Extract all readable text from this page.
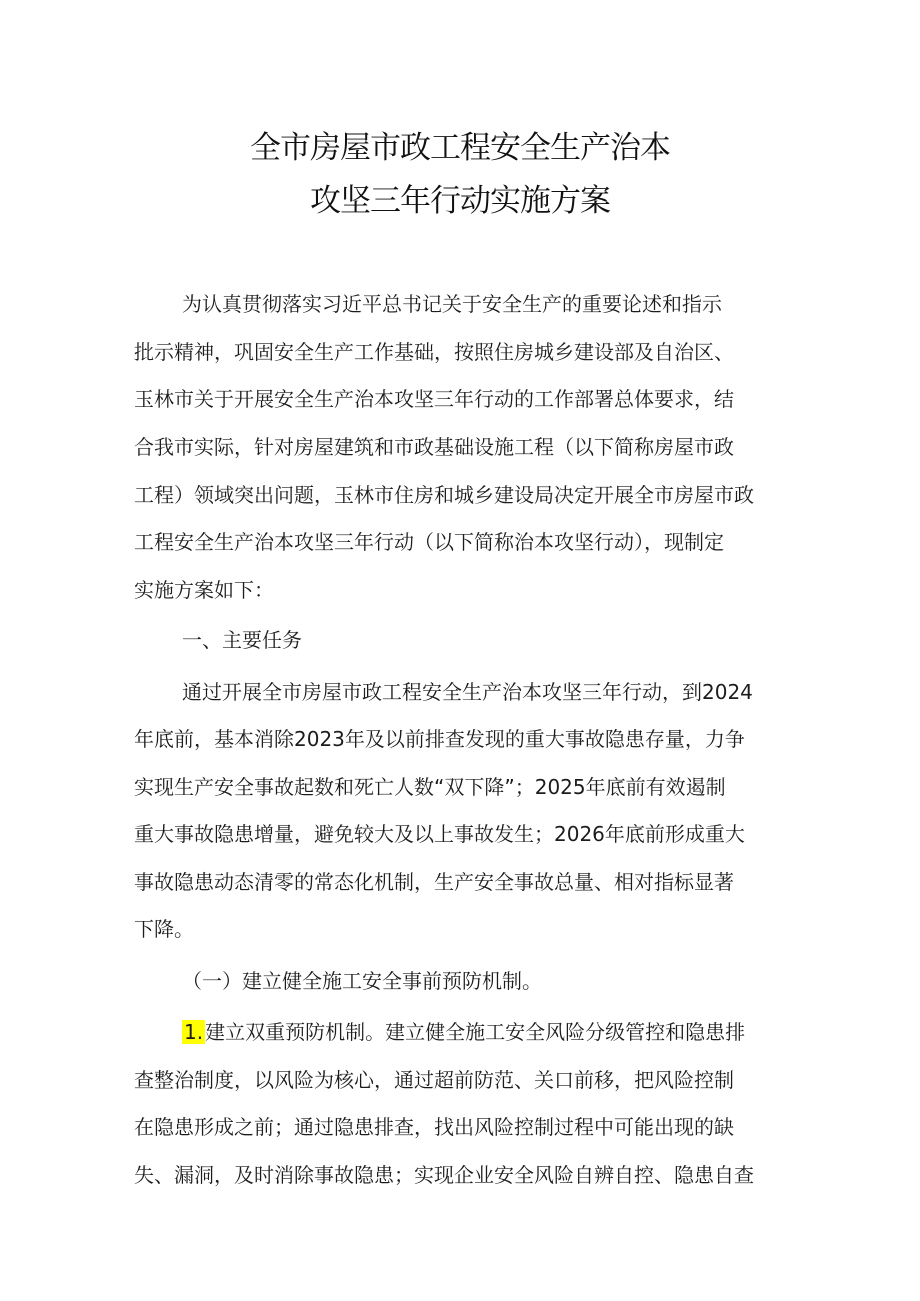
全市房屋市政工程安全生产治本
攻坚三年行动实施方案
为认真贯彻落实习近平总书记关于安全生产的重要论述和指示
批示精神，巩固安全生产工作基础，按照住房城乡建设部及自治区、
玉林市关于开展安全生产治本攻坚三年行动的工作部署总体要求，结
合我市实际，针对房屋建筑和市政基础设施工程（以下简称房屋市政
工程）领域突出问题，玉林市住房和城乡建设局决定开展全市房屋市政
工程安全生产治本攻坚三年行动（以下简称治本攻坚行动），现制定
实施方案如下：
一、主要任务
通过开展全市房屋市政工程安全生产治本攻坚三年行动，到2024
年底前，基本消除2023年及以前排查发现的重大事故隐患存量，力争
实现生产安全事故起数和死亡人数“双下降”；2025年底前有效遏制
重大事故隐患增量，避免较大及以上事故发生；2026年底前形成重大
事故隐患动态清零的常态化机制，生产安全事故总量、相对指标显著
下降。
（一）建立健全施工安全事前预防机制。
1. 建立双重预防机制。建立健全施工安全风险分级管控和隐患排
查整治制度，以风险为核心，通过超前防范、关口前移，把风险控制
在隐患形成之前；通过隐患排查，找出风险控制过程中可能出现的缺
失、漏洞，及时消除事故隐患；实现企业安全风险自辨自控、隐患自查
